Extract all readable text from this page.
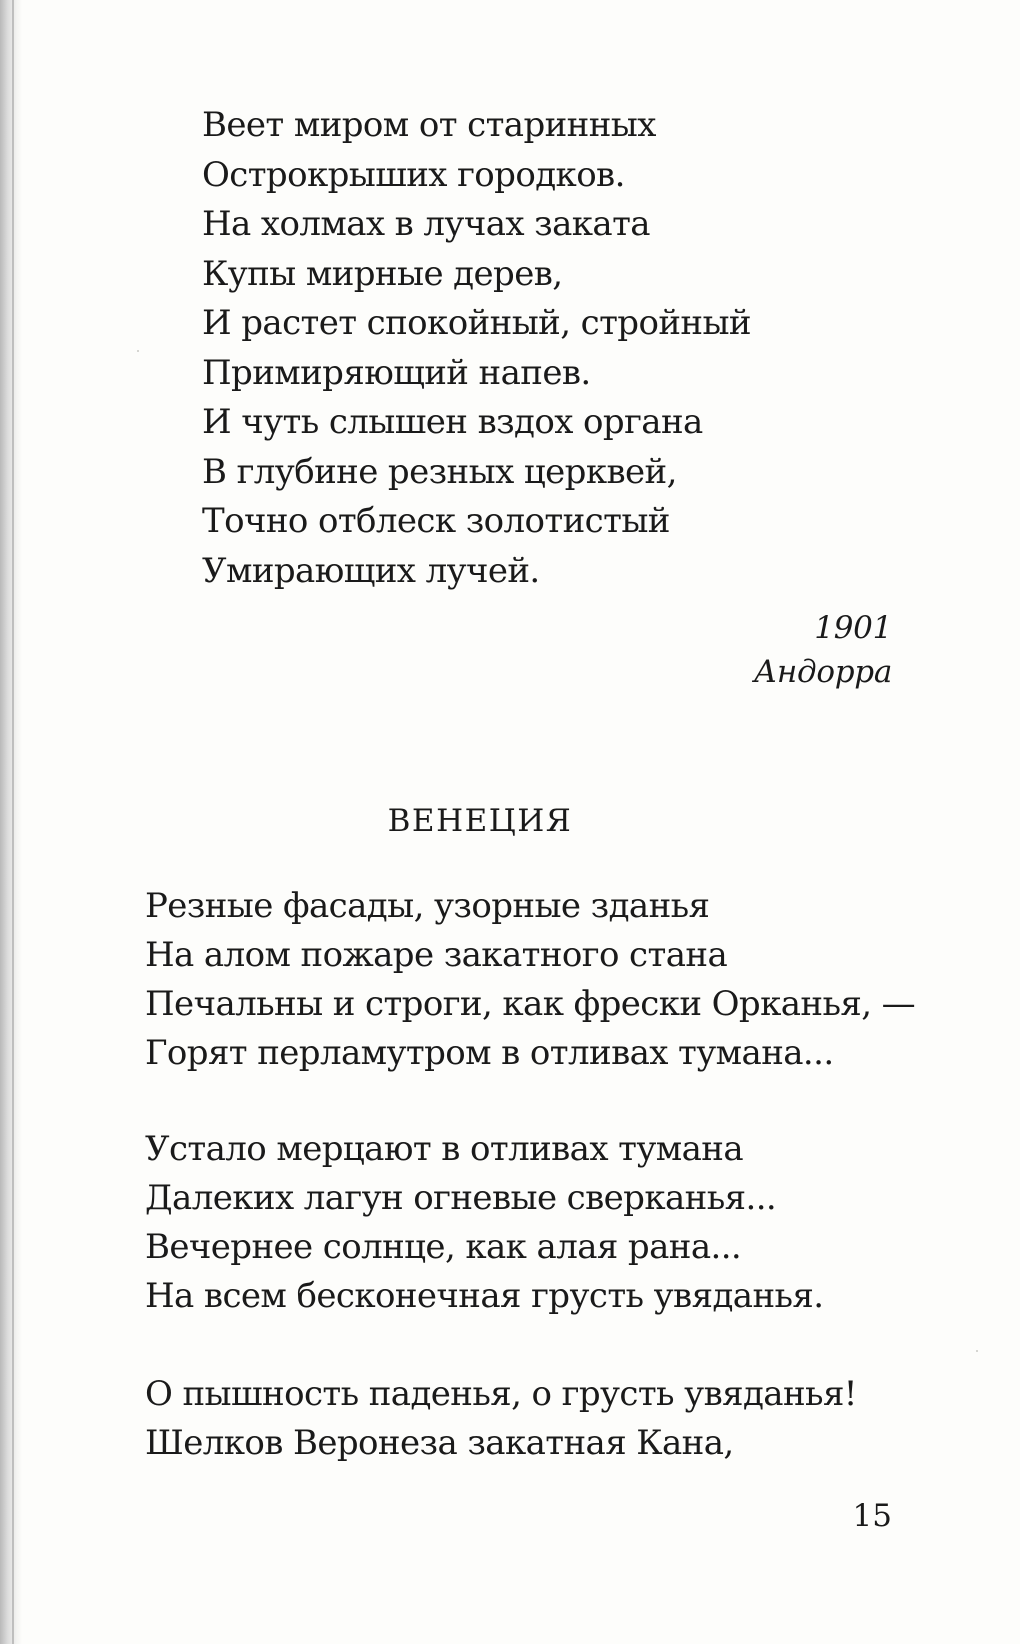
Веет миром от старинных
Острокрыших городков.
На холмах в лучах заката
Купы мирные дерев,
И растет спокойный, стройный
Примиряющий напев.
И чуть слышен вздох органа
В глубине резных церквей,
Точно отблеск золотистый
Умирающих лучей.
1901
Андорра
ВЕНЕЦИЯ
Резные фасады, узорные зданья
На алом пожаре закатного стана
Печальны и строги, как фрески Орканья, —
Горят перламутром в отливах тумана...
Устало мерцают в отливах тумана
Далеких лагун огневые сверканья...
Вечернее солнце, как алая рана...
На всем бесконечная грусть увяданья.
О пышность паденья, о грусть увяданья!
Шелков Веронеза закатная Кана,
15
